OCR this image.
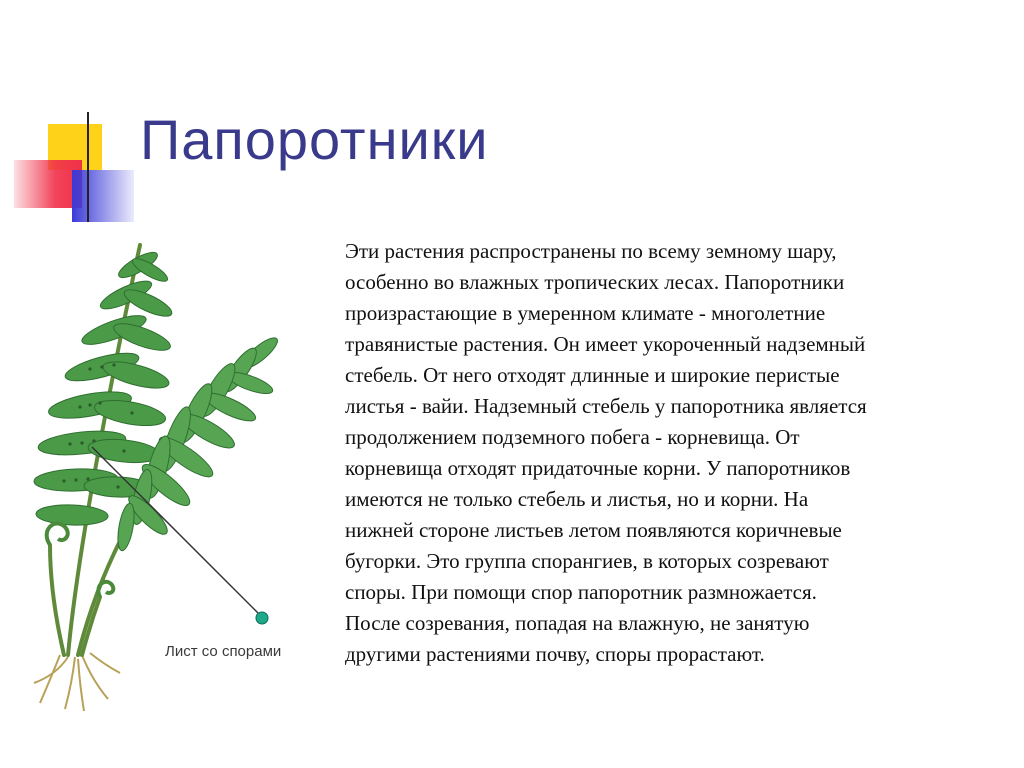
Папоротники
Лист со спорами

Эти растения распространены по всему земному шару,
особенно во влажных тропических лесах. Папоротники
произрастающие в умеренном климате - многолетние
травянистые растения. Он имеет укороченный надземный
стебель. От него отходят длинные и широкие перистые
листья - вайи. Надземный стебель у папоротника является
продолжением подземного побега - корневища. От
корневища отходят придаточные корни. У папоротников
имеются не только стебель и листья, но и корни. На
нижней стороне листьев летом появляются коричневые
бугорки. Это группа спорангиев, в которых созревают
споры. При помощи спор папоротник размножается.
После созревания, попадая на влажную, не занятую
другими растениями почву, споры прорастают.
